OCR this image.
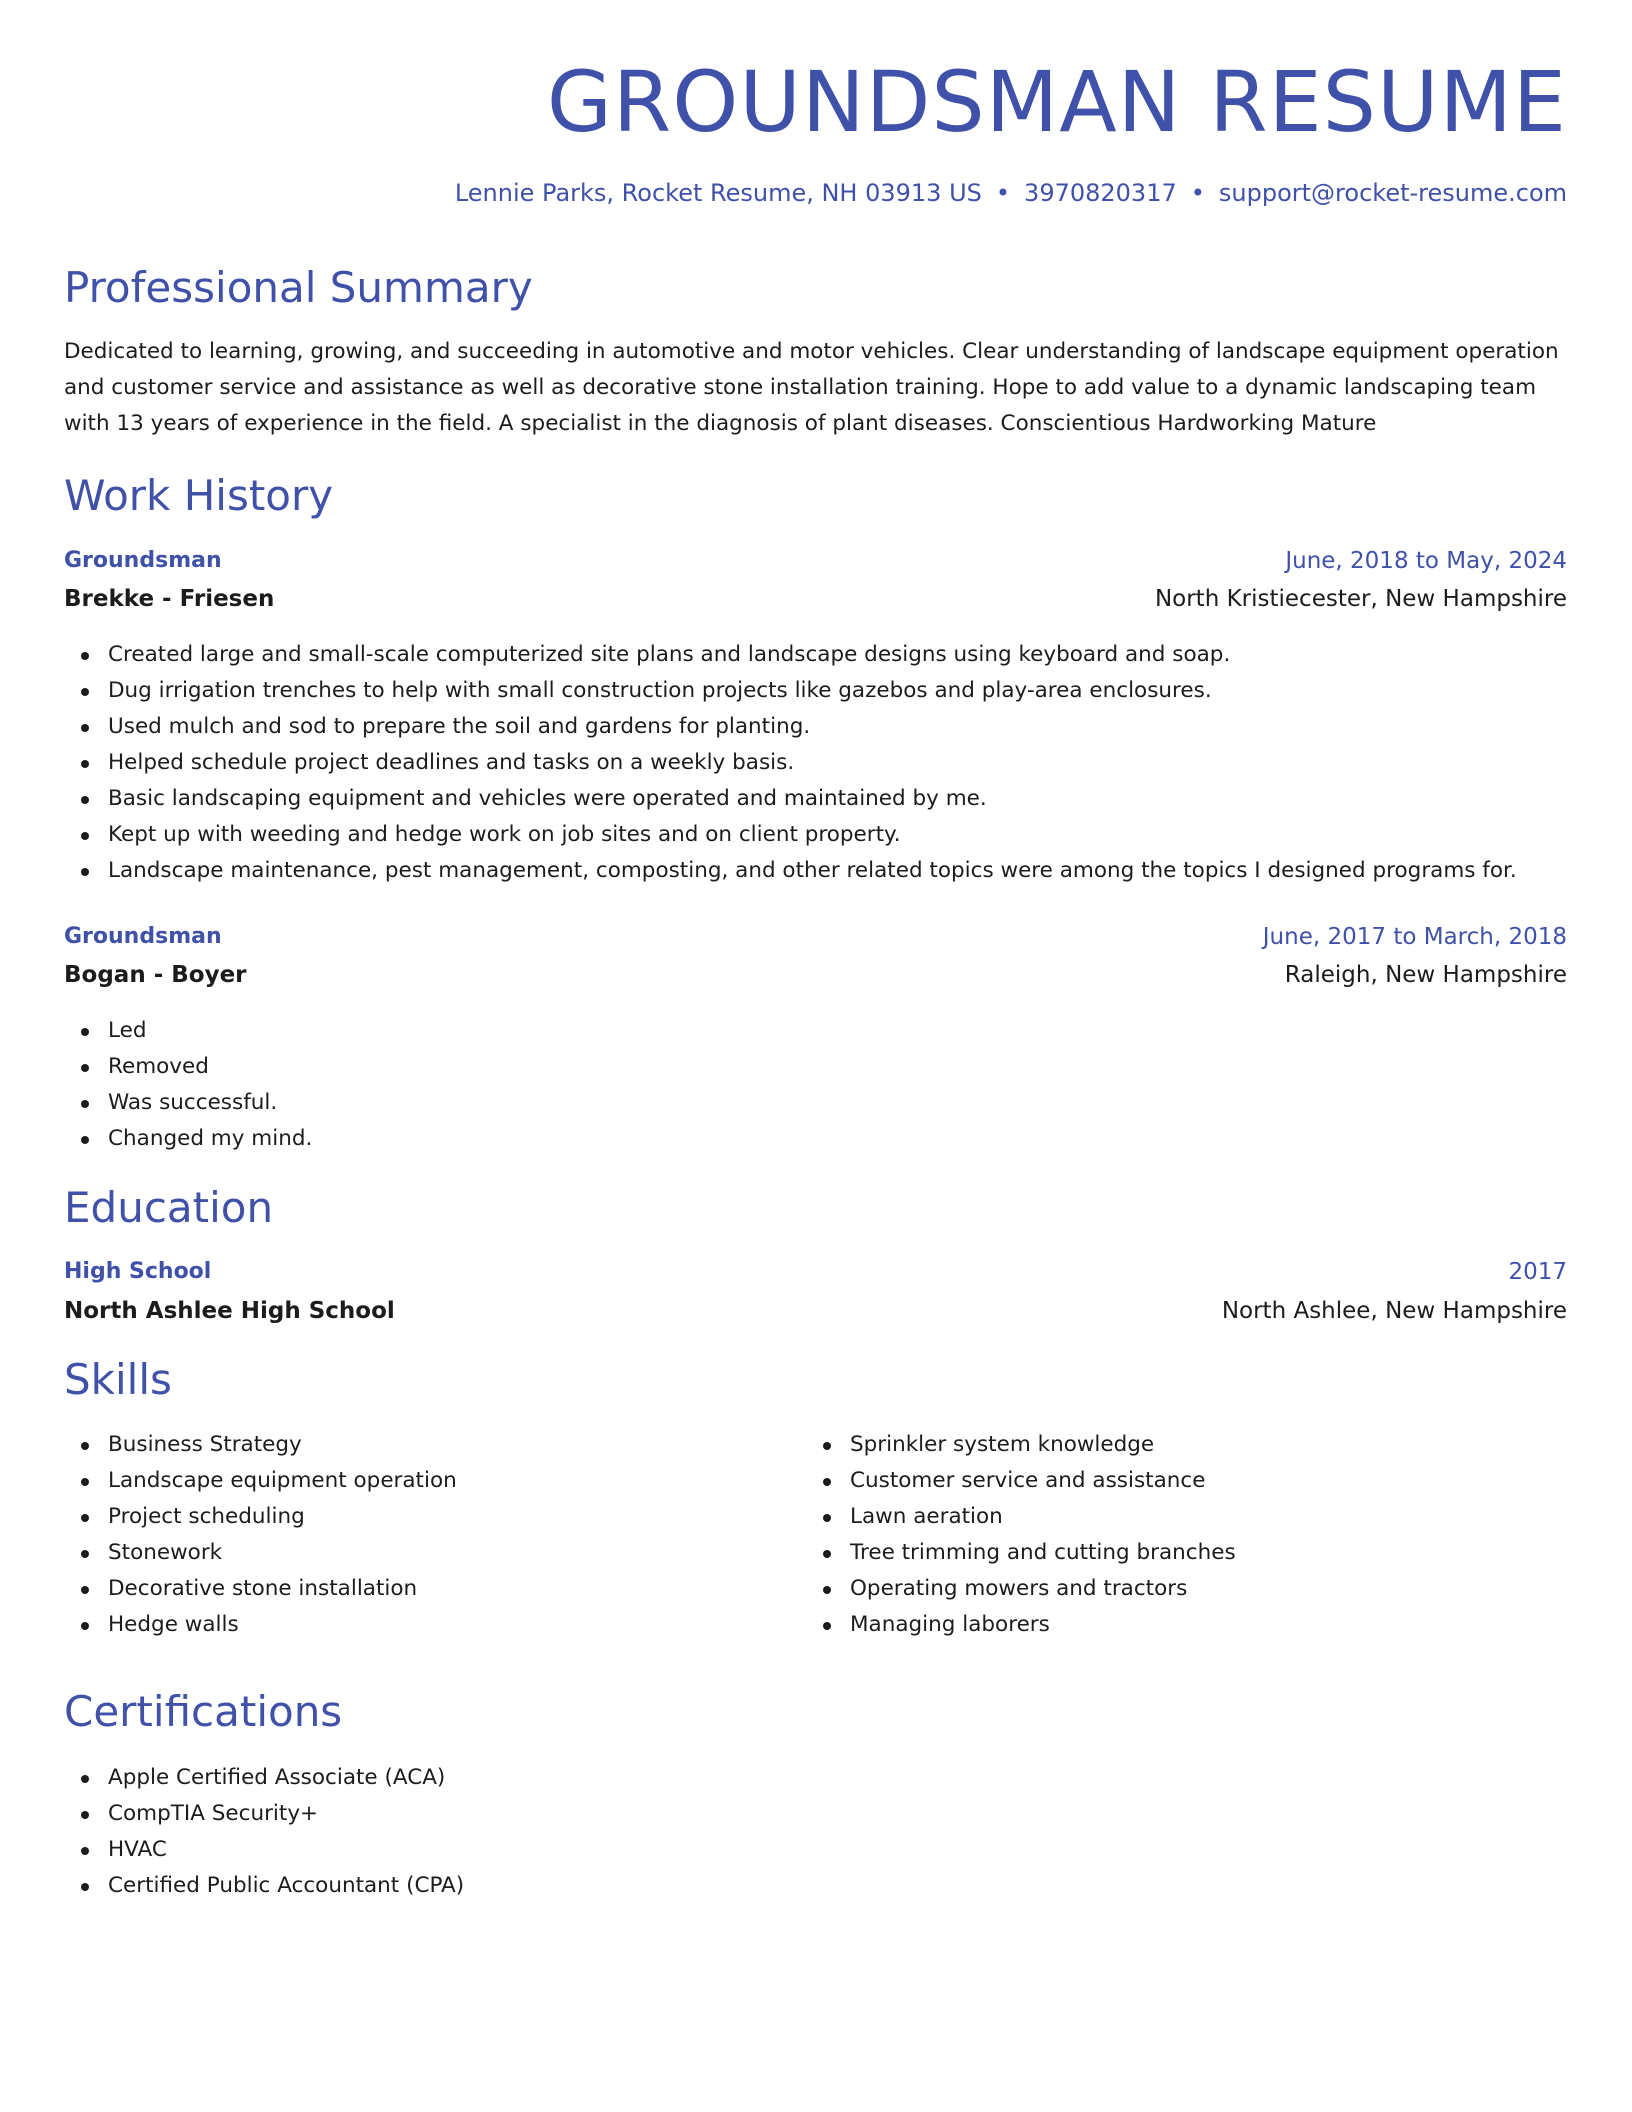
GROUNDSMAN RESUME
Lennie Parks, Rocket Resume, NH 03913 US • 3970820317 • support@rocket-resume.com
Professional Summary

Dedicated to learning, growing, and succeeding in automotive and motor vehicles. Clear understanding of landscape equipment operation and customer service and assistance as well as decorative stone installation training. Hope to add value to a dynamic landscaping team with 13 years of experience in the field. A specialist in the diagnosis of plant diseases. Conscientious Hardworking Mature

Work History
Groundsman	June, 2018 to May, 2024
Brekke - Friesen	North Kristiecester, New Hampshire
Created large and small-scale computerized site plans and landscape designs using keyboard and soap.
Dug irrigation trenches to help with small construction projects like gazebos and play-area enclosures.
Used mulch and sod to prepare the soil and gardens for planting.
Helped schedule project deadlines and tasks on a weekly basis.
Basic landscaping equipment and vehicles were operated and maintained by me.
Kept up with weeding and hedge work on job sites and on client property.
Landscape maintenance, pest management, composting, and other related topics were among the topics I designed programs for.
Groundsman	June, 2017 to March, 2018
Bogan - Boyer	Raleigh, New Hampshire
Led
Removed
Was successful.
Changed my mind.
Education
High School	2017
North Ashlee High School	North Ashlee, New Hampshire
Skills
Business Strategy
Landscape equipment operation
Project scheduling
Stonework
Decorative stone installation
Hedge walls
Sprinkler system knowledge
Customer service and assistance
Lawn aeration
Tree trimming and cutting branches
Operating mowers and tractors
Managing laborers
Certifications
Apple Certified Associate (ACA)
CompTIA Security+
HVAC
Certified Public Accountant (CPA)
